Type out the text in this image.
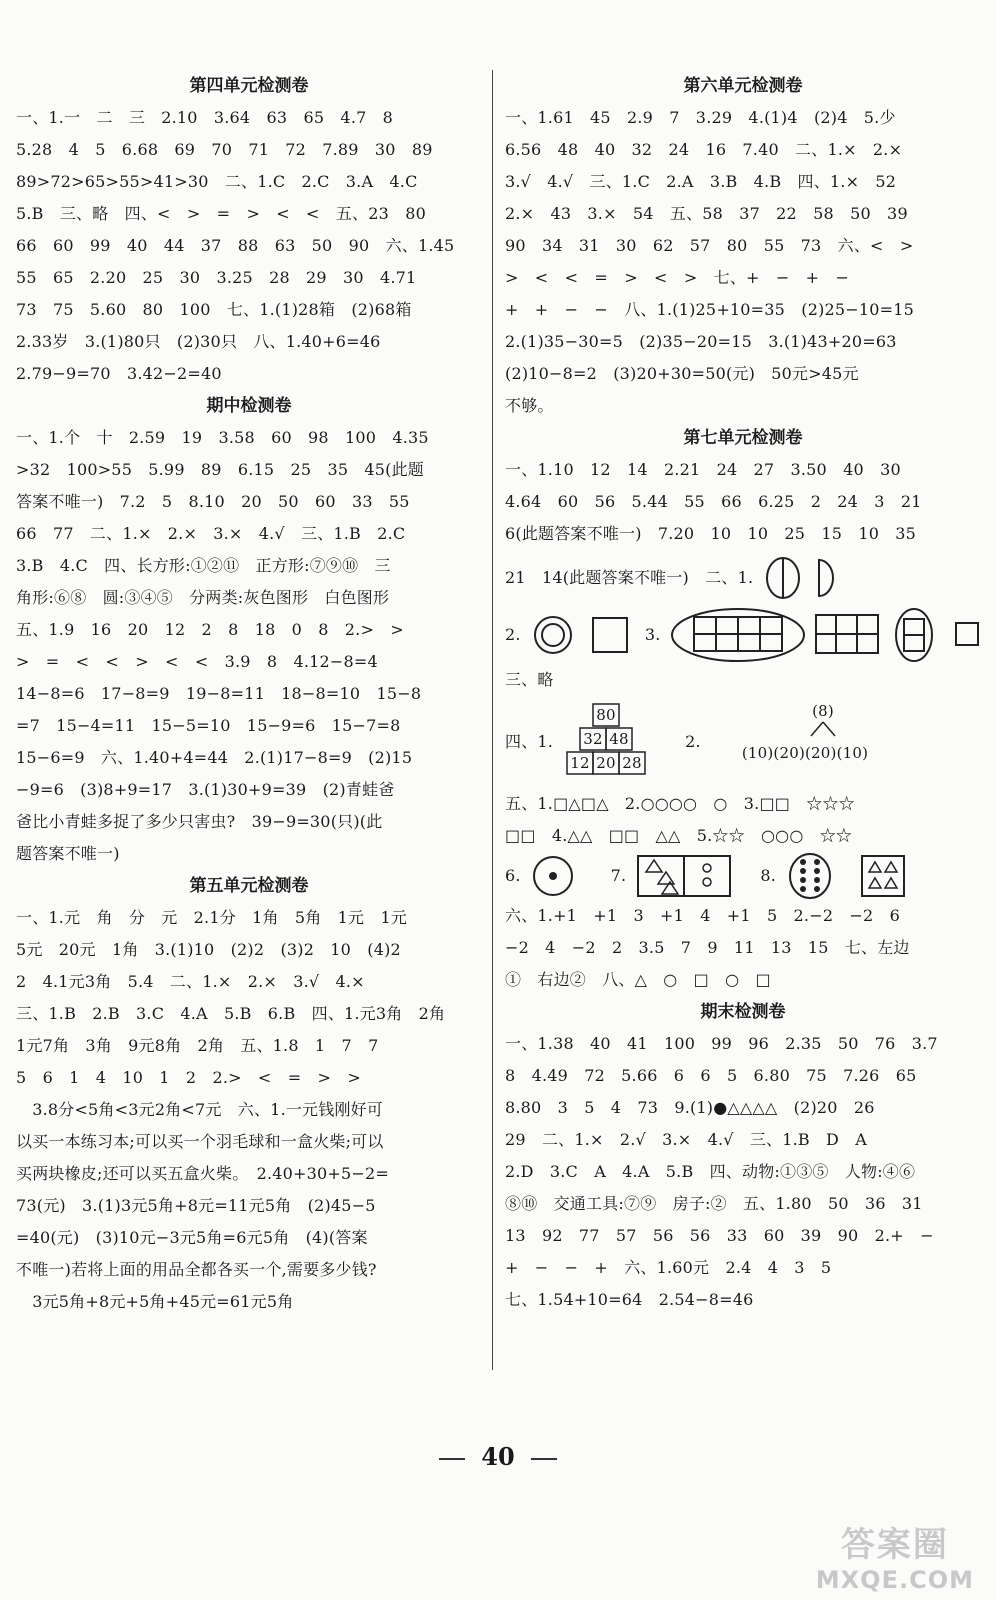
第四单元检测卷
一、1.一　二　三　2.10　3.64　63　65　4.7　8
5.28　4　5　6.68　69　70　71　72　7.89　30　89
89>72>65>55>41>30　二、1.C　2.C　3.A　4.C
5.B　三、略　四、<　>　=　>　<　<　五、23　80
66　60　99　40　44　37　88　63　50　90　六、1.45
55　65　2.20　25　30　3.25　28　29　30　4.71
73　75　5.60　80　100　七、1.(1)28箱　(2)68箱
2.33岁　3.(1)80只　(2)30只　八、1.40+6=46
2.79−9=70　3.42−2=40
期中检测卷
一、1.个　十　2.59　19　3.58　60　98　100　4.35
>32　100>55　5.99　89　6.15　25　35　45(此题
答案不唯一)　7.2　5　8.10　20　50　60　33　55
66　77　二、1.×　2.×　3.×　4.√　三、1.B　2.C
3.B　4.C　四、长方形:①②⑪　正方形:⑦⑨⑩　三
角形:⑥⑧　圆:③④⑤　分两类:灰色图形　白色图形
五、1.9　16　20　12　2　8　18　0　8　2.>　>
>　=　<　<　>　<　<　3.9　8　4.12−8=4
14−8=6　17−8=9　19−8=11　18−8=10　15−8
=7　15−4=11　15−5=10　15−9=6　15−7=8
15−6=9　六、1.40+4=44　2.(1)17−8=9　(2)15
−9=6　(3)8+9=17　3.(1)30+9=39　(2)青蛙爸
爸比小青蛙多捉了多少只害虫?　39−9=30(只)(此
题答案不唯一)
第五单元检测卷
一、1.元　角　分　元　2.1分　1角　5角　1元　1元
5元　20元　1角　3.(1)10　(2)2　(3)2　10　(4)2
2　4.1元3角　5.4　二、1.×　2.×　3.√　4.×
三、1.B　2.B　3.C　4.A　5.B　6.B　四、1.元3角　2角
1元7角　3角　9元8角　2角　五、1.8　1　7　7
5　6　1　4　10　1　2　2.>　<　=　>　>
　3.8分<5角<3元2角<7元　六、1.一元钱刚好可
以买一本练习本;可以买一个羽毛球和一盒火柴;可以
买两块橡皮;还可以买五盒火柴。　2.40+30+5−2=
73(元)　3.(1)3元5角+8元=11元5角　(2)45−5
=40(元)　(3)10元−3元5角=6元5角　(4)(答案
不唯一)若将上面的用品全都各买一个,需要多少钱?
　3元5角+8元+5角+45元=61元5角
第六单元检测卷
一、1.61　45　2.9　7　3.29　4.(1)4　(2)4　5.少
6.56　48　40　32　24　16　7.40　二、1.×　2.×
3.√　4.√　三、1.C　2.A　3.B　4.B　四、1.×　52
2.×　43　3.×　54　五、58　37　22　58　50　39
90　34　31　30　62　57　80　55　73　六、<　>
>　<　<　=　>　<　>　七、+　−　+　−
+　+　−　−　八、1.(1)25+10=35　(2)25−10=15
2.(1)35−30=5　(2)35−20=15　3.(1)43+20=63
(2)10−8=2　(3)20+30=50(元)　50元>45元
不够。
第七单元检测卷
一、1.10　12　14　2.21　24　27　3.50　40　30
4.64　60　56　5.44　55　66　6.25　2　24　3　21
6(此题答案不唯一)　7.20　10　10　25　15　10　35
21　14(此题答案不唯一)　二、1.
2.	3.
三、略
四、1.
80
32 48
12 20 28
2.
(8)
(10)(20)(20)(10)
五、1.□△□△　2.○○○○　○　3.□□　☆☆☆
□□　4.△△　□□　△△　5.☆☆　○○○　☆☆
6.	7.	8.
六、1.+1　+1　3　+1　4　+1　5　2.−2　−2　6
−2　4　−2　2　3.5　7　9　11　13　15　七、左边
①　右边②　八、△　○　□　○　□
期末检测卷
一、1.38　40　41　100　99　96　2.35　50　76　3.7
8　4.49　72　5.66　6　6　5　6.80　75　7.26　65
8.80　3　5　4　73　9.(1)●△△△△　(2)20　26
29　二、1.×　2.√　3.×　4.√　三、1.B　D　A
2.D　3.C　A　4.A　5.B　四、动物:①③⑤　人物:④⑥
⑧⑩　交通工具:⑦⑨　房子:②　五、1.80　50　36　31
13　92　77　57　56　56　33　60　39　90　2.+　−
+　−　−　+　六、1.60元　2.4　4　3　5
七、1.54+10=64　2.54−8=46
40
答案圈
MXQE.COM
